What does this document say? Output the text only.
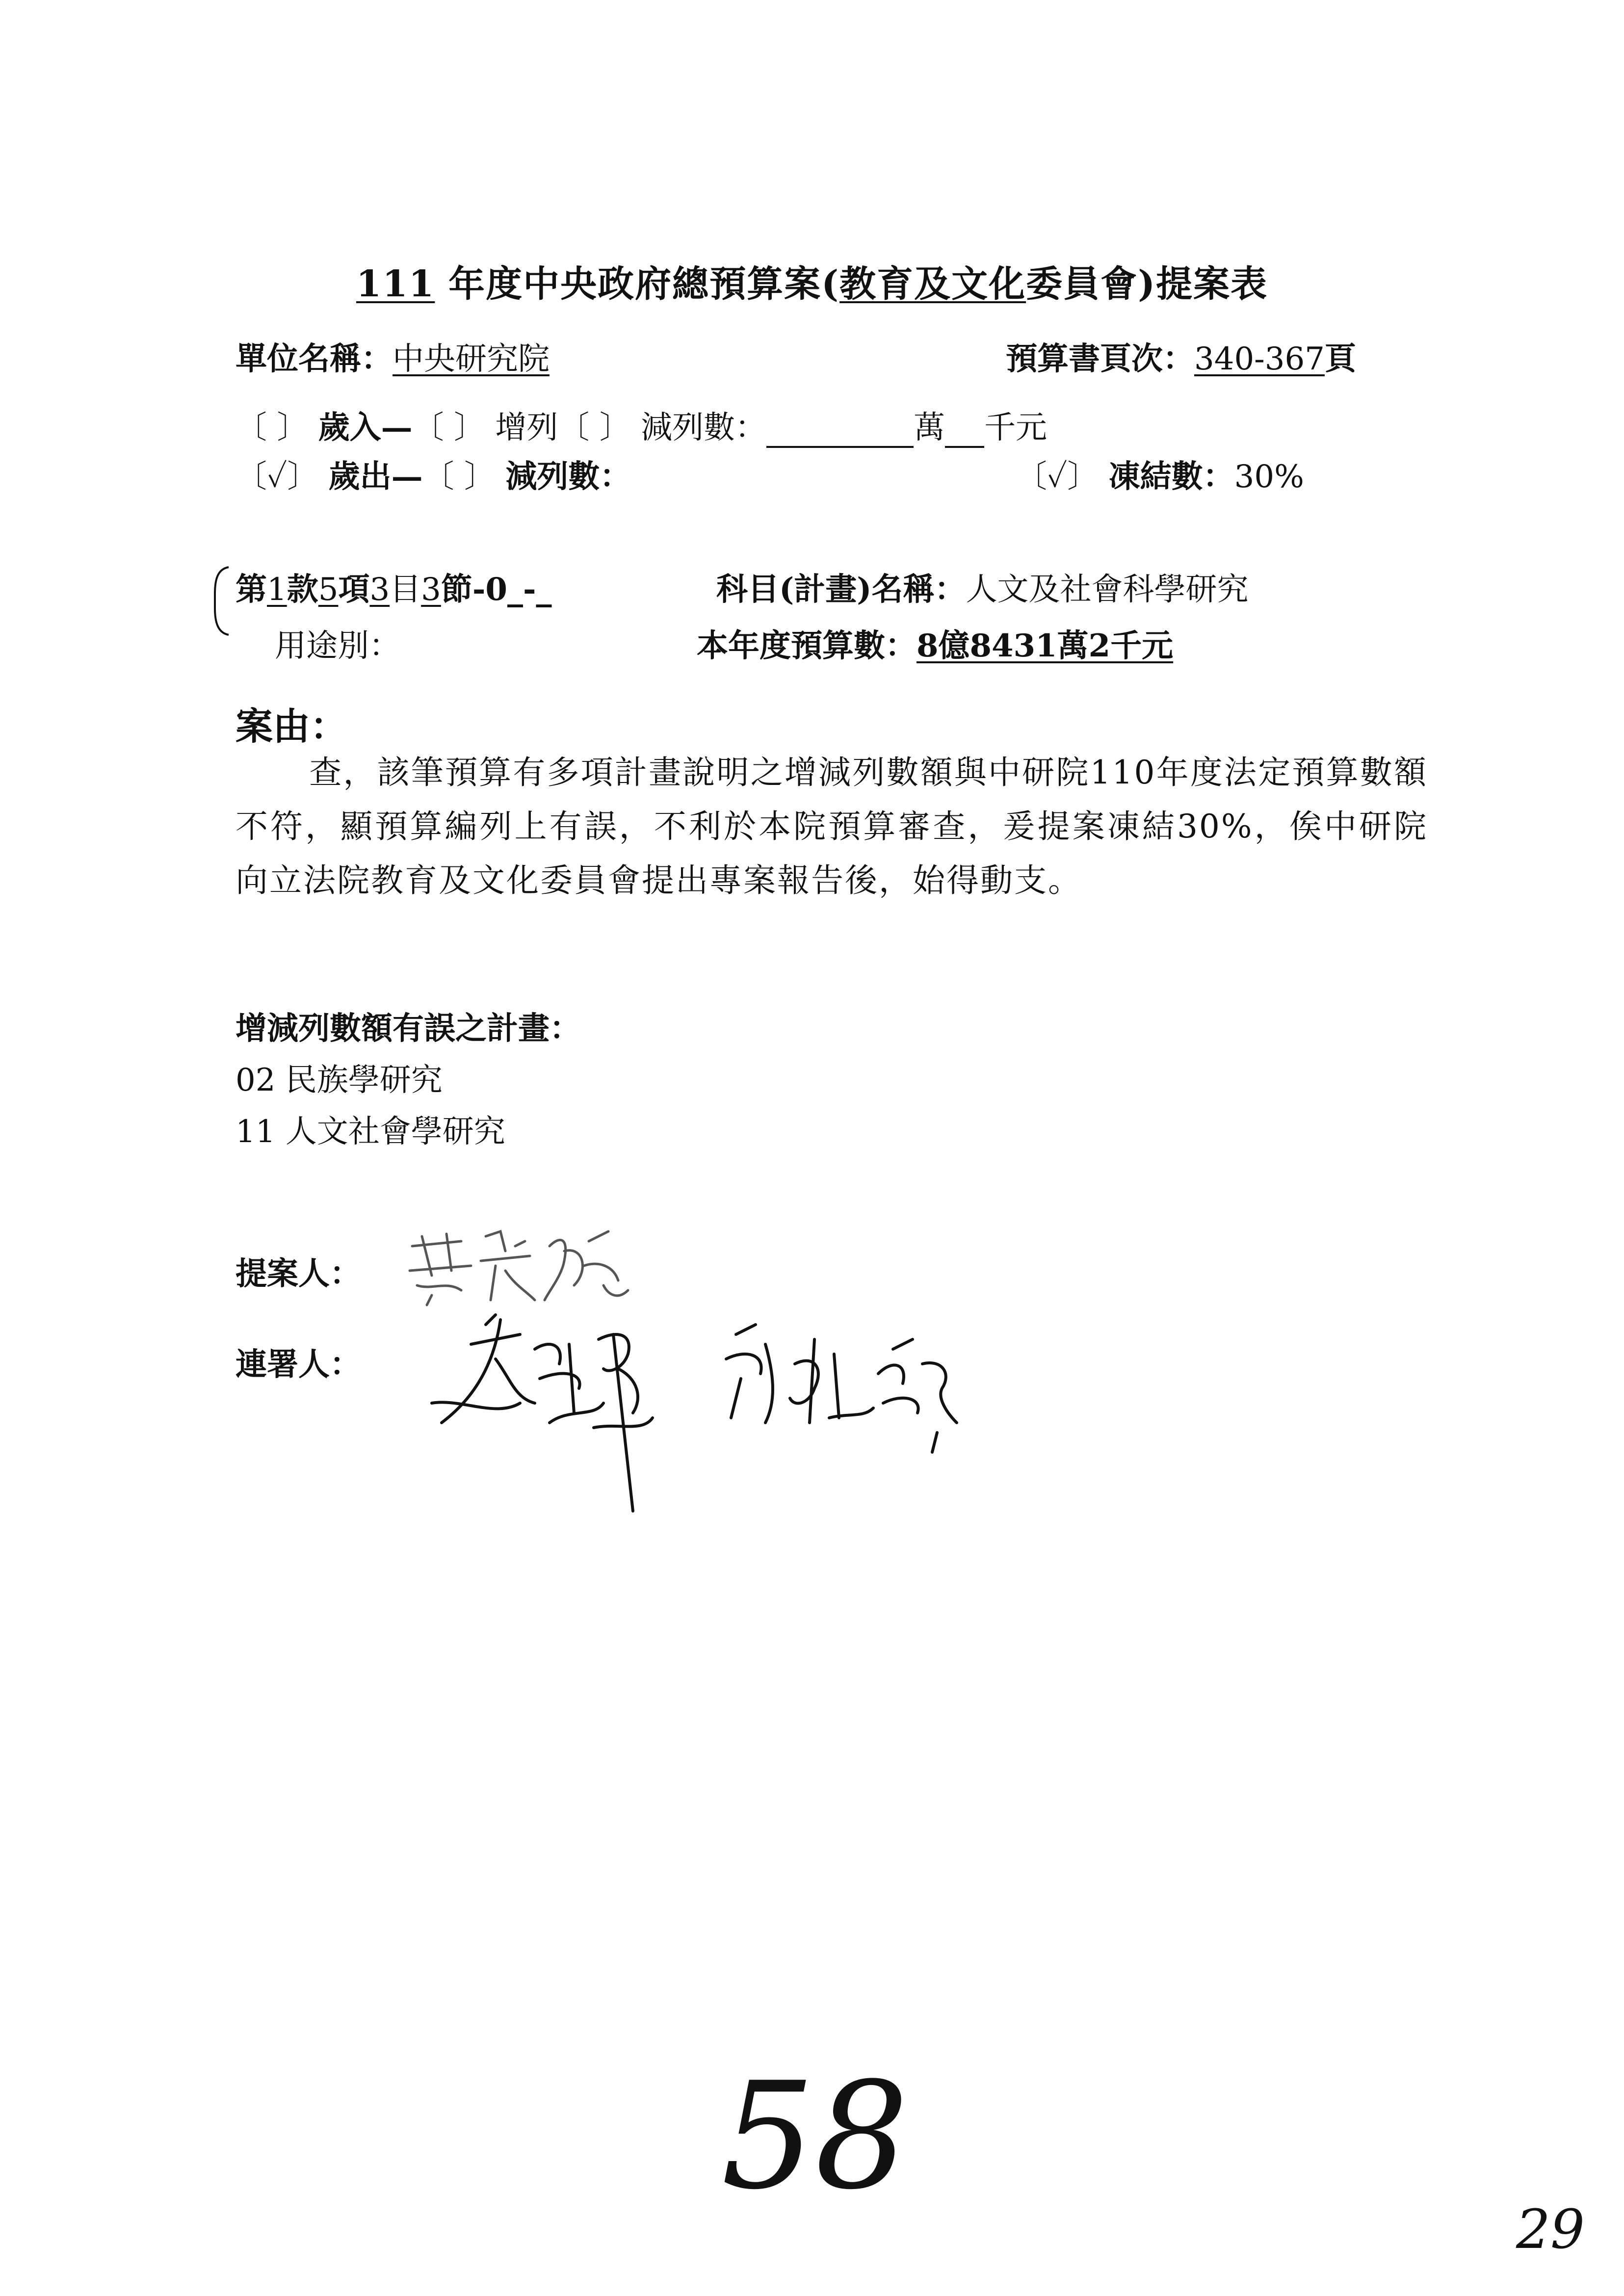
111 年度中央政府總預算案(教育及文化委員會)提案表
單位名稱：中央研究院	預算書頁次：340-367頁
〔 〕 歲入—〔 〕 增列〔 〕 減列數：	萬 千元
〔✓〕 歲出—〔 〕 減列數：	〔✓〕 凍結數：30%
第1款5項3目3節-0_-_	科目(計畫)名稱：人文及社會科學研究
用途別：	本年度預算數：8億8431萬2千元
案由：
查，該筆預算有多項計畫說明之增減列數額與中研院110年度法定預算數額不符，顯預算編列上有誤，不利於本院預算審查，爰提案凍結30%，俟中研院向立法院教育及文化委員會提出專案報告後，始得動支。
增減列數額有誤之計畫：
02 民族學研究
11 人文社會學研究
提案人：
連署人：
58
29
